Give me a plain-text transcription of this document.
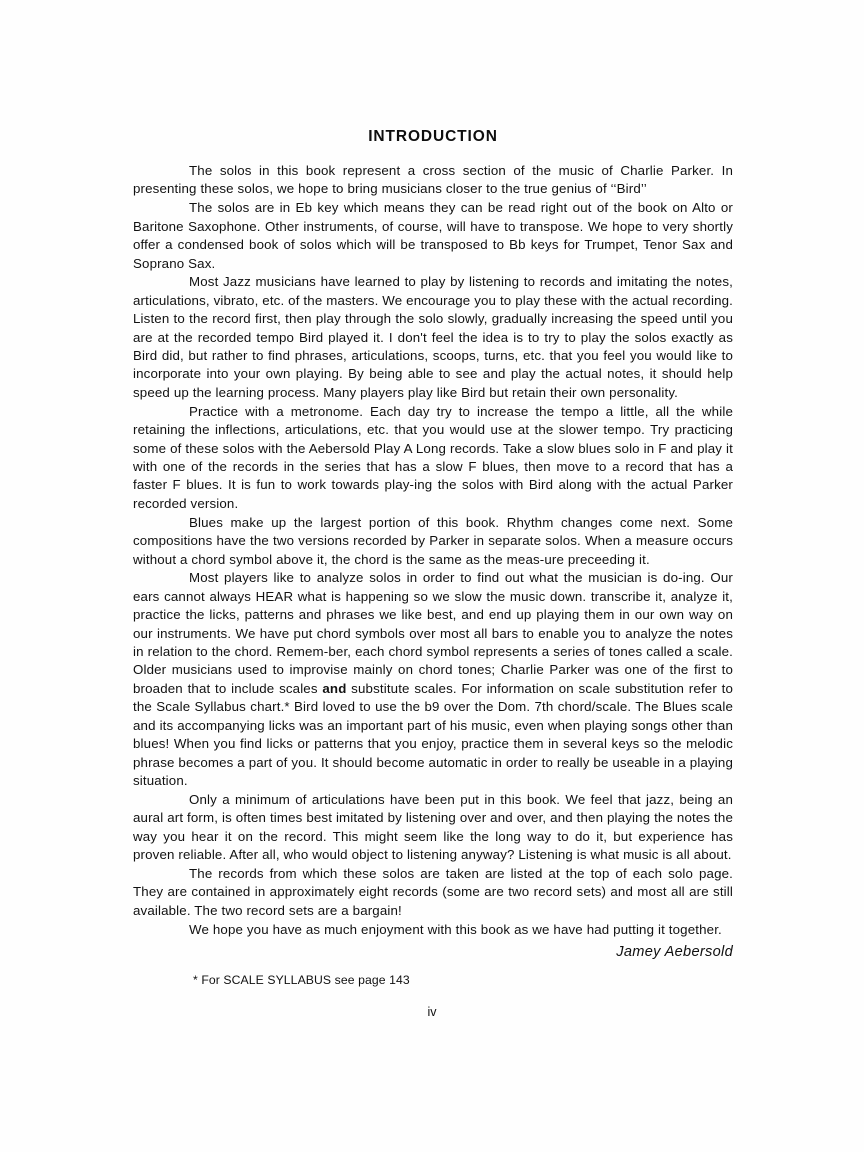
INTRODUCTION

The solos in this book represent a cross section of the music of Charlie Parker. In presenting these solos, we hope to bring musicians closer to the true genius of ‘‘Bird’’

The solos are in Eb key which means they can be read right out of the book on Alto or Baritone Saxophone. Other instruments, of course, will have to transpose. We hope to very shortly offer a condensed book of solos which will be transposed to Bb keys for Trumpet, Tenor Sax and Soprano Sax.

Most Jazz musicians have learned to play by listening to records and imitating the notes, articulations, vibrato, etc. of the masters. We encourage you to play these with the actual recording. Listen to the record first, then play through the solo slowly, gradually increasing the speed until you are at the recorded tempo Bird played it. I don't feel the idea is to try to play the solos exactly as Bird did, but rather to find phrases, articulations, scoops, turns, etc. that you feel you would like to incorporate into your own playing. By being able to see and play the actual notes, it should help speed up the learning process. Many players play like Bird but retain their own personality.

Practice with a metronome. Each day try to increase the tempo a little, all the while retaining the inflections, articulations, etc. that you would use at the slower tempo. Try practicing some of these solos with the Aebersold Play A Long records. Take a slow blues solo in F and play it with one of the records in the series that has a slow F blues, then move to a record that has a faster F blues. It is fun to work towards play-ing the solos with Bird along with the actual Parker recorded version.

Blues make up the largest portion of this book. Rhythm changes come next. Some compositions have the two versions recorded by Parker in separate solos. When a measure occurs without a chord symbol above it, the chord is the same as the meas-ure preceeding it.

Most players like to analyze solos in order to find out what the musician is do-ing. Our ears cannot always HEAR what is happening so we slow the music down. transcribe it, analyze it, practice the licks, patterns and phrases we like best, and end up playing them in our own way on our instruments. We have put chord symbols over most all bars to enable you to analyze the notes in relation to the chord. Remem-ber, each chord symbol represents a series of tones called a scale. Older musicians used to improvise mainly on chord tones; Charlie Parker was one of the first to broaden that to include scales and substitute scales. For information on scale substitution refer to the Scale Syllabus chart.* Bird loved to use the b9 over the Dom. 7th chord/scale. The Blues scale and its accompanying licks was an important part of his music, even when playing songs other than blues! When you find licks or patterns that you enjoy, practice them in several keys so the melodic phrase becomes a part of you. It should become automatic in order to really be useable in a playing situation.

Only a minimum of articulations have been put in this book. We feel that jazz, being an aural art form, is often times best imitated by listening over and over, and then playing the notes the way you hear it on the record. This might seem like the long way to do it, but experience has proven reliable. After all, who would object to listening anyway? Listening is what music is all about.

The records from which these solos are taken are listed at the top of each solo page. They are contained in approximately eight records (some are two record sets) and most all are still available. The two record sets are a bargain!

We hope you have as much enjoyment with this book as we have had putting it together.

Jamey Aebersold
* For SCALE SYLLABUS see page 143
iv
